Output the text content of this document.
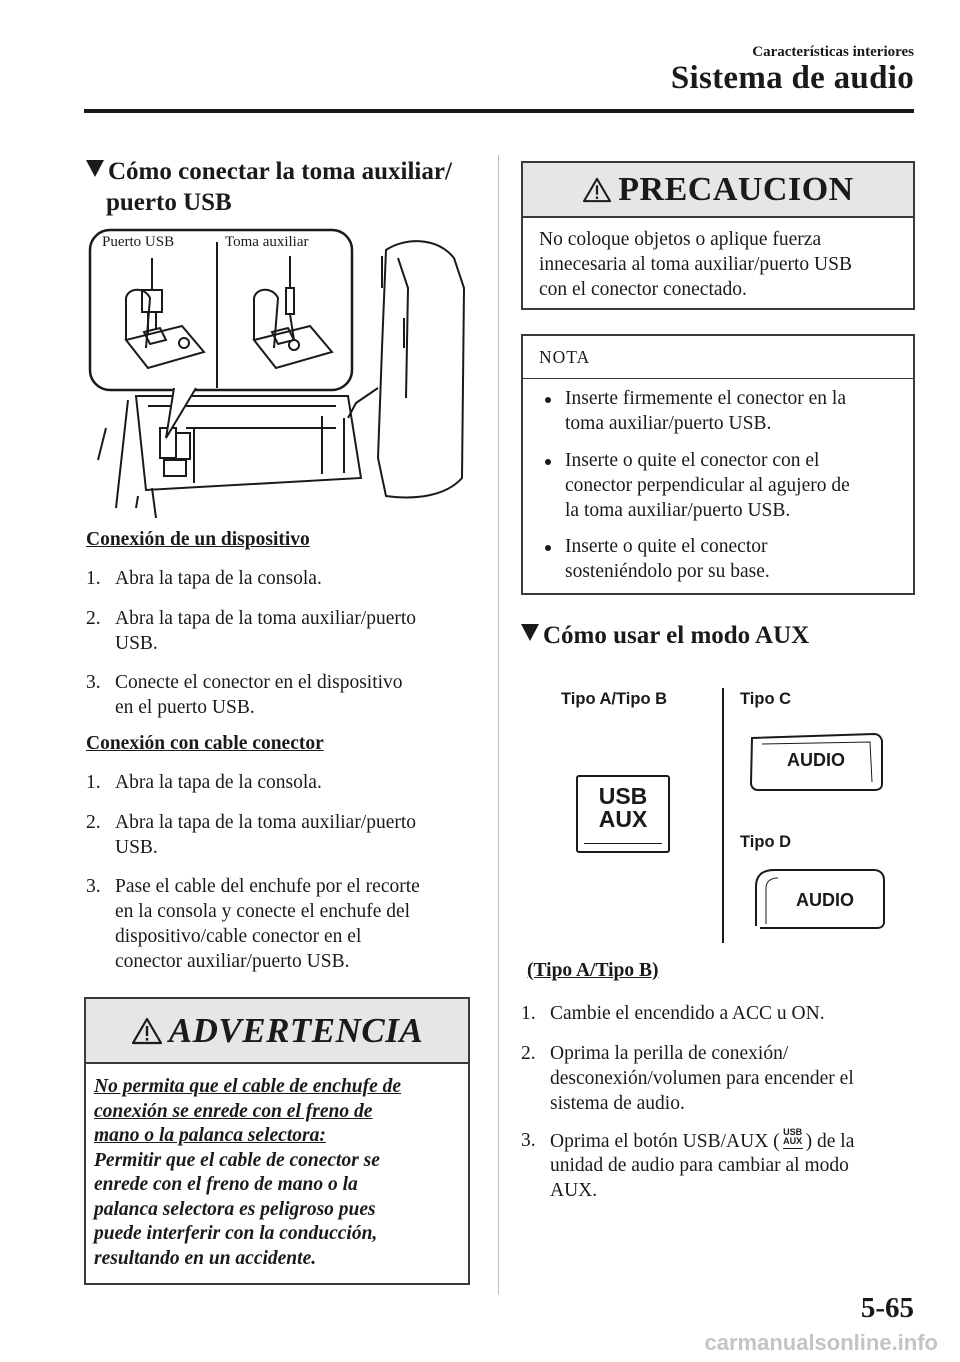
Características interiores
Sistema de audio
Cómo conectar la toma auxiliar/
puerto USB
Puerto USB	Toma auxiliar
Conexión de un dispositivo
1. Abra la tapa de la consola.
2. Abra la tapa de la toma auxiliar/puerto
USB.
3. Conecte el conector en el dispositivo
en el puerto USB.
Conexión con cable conector
1. Abra la tapa de la consola.
2. Abra la tapa de la toma auxiliar/puerto
USB.
3. Pase el cable del enchufe por el recorte
en la consola y conecte el enchufe del
dispositivo/cable conector en el
conector auxiliar/puerto USB.
ADVERTENCIA
No permita que el cable de enchufe de
conexión se enrede con el freno de
mano o la palanca selectora:
Permitir que el cable de conector se
enrede con el freno de mano o la
palanca selectora es peligroso pues
puede interferir con la conducción,
resultando en un accidente.
PRECAUCION
No coloque objetos o aplique fuerza
innecesaria al toma auxiliar/puerto USB
con el conector conectado.
NOTA
Inserte firmemente el conector en la
toma auxiliar/puerto USB.
Inserte o quite el conector con el
conector perpendicular al agujero de
la toma auxiliar/puerto USB.
Inserte o quite el conector
sosteniéndolo por su base.
Cómo usar el modo AUX
Tipo A/Tipo B	Tipo C
Tipo D
USB
AUX
AUDIO
AUDIO
(Tipo A/Tipo B)
1. Cambie el encendido a ACC u ON.
2. Oprima la perilla de conexión/
desconexión/volumen para encender el
sistema de audio.
3. Oprima el botón USB/AUX ( USB
AUX ) de la
unidad de audio para cambiar al modo
AUX.
5-65
carmanualsonline.info
